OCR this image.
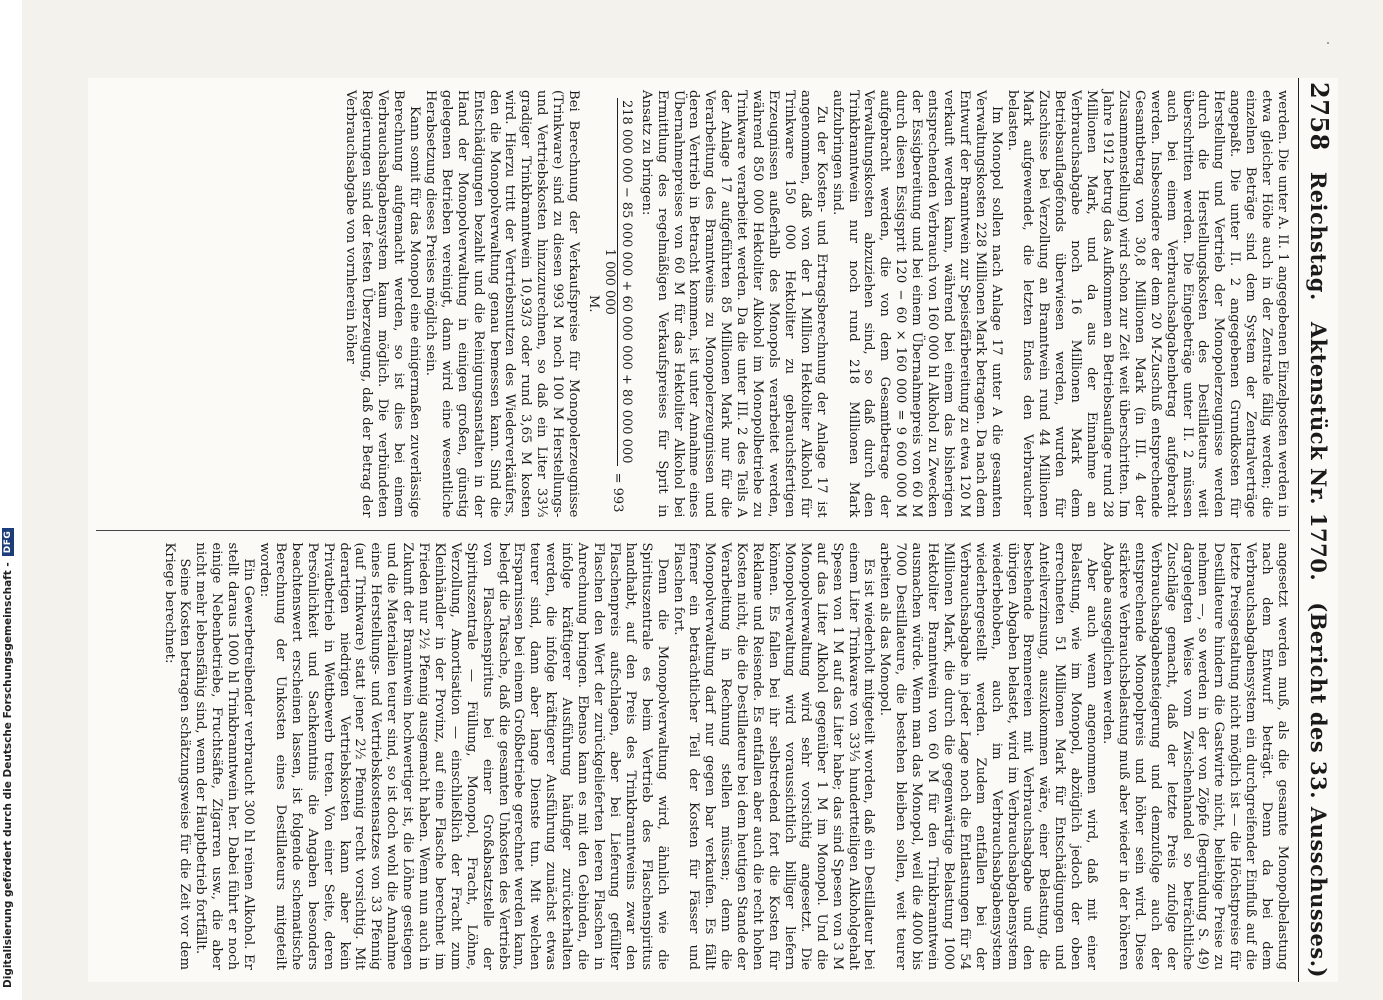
Digitalisierung gefördert durch die Deutsche Forschungsgemeinschaft -
DFG
2758
Reichstag.
Aktenstück Nr. 1770.
(Bericht des 33. Ausschusses.)

werden. Die unter A. II. 1 angegebenen Einzelposten werden in etwa gleicher Höhe auch in der Zentrale fällig werden; die einzelnen Beträge sind dem System der Zentralverträge angepaßt. Die unter II. 2 angegebenen Grundkosten für Herstellung und Vertrieb der Monopolerzeugnisse werden durch die Herstellungskosten des Destillateurs weit überschritten werden. Die Eingebeträge unter II. 2 müssen auch bei einem Verbrauchsabgabenbetrag aufgebracht werden. Insbesondere der dem 20 M-Zuschuß entsprechende Gesamtbetrag von 30,8 Millionen Mark (in III. 4 der Zusammenstellung) wird schon zur Zeit weit überschritten. Im Jahre 1912 betrug das Aufkommen an Betriebsauflage rund 28 Millionen Mark, und da aus der Einnahme an Verbrauchsabgabe noch 16 Millionen Mark dem Betriebsauflagefonds überwiesen werden, wurden für Zuschüsse bei Verzollung an Branntwein rund 44 Millionen Mark aufgewendet, die letzten Endes den Verbraucher belasten.

Im Monopol sollen nach Anlage 17 unter A die gesamten Verwaltungskosten 228 Millionen Mark betragen. Da nach dem Entwurf der Branntwein zur Speisefärbereitung zu etwa 120 M verkauft werden kann, während bei einem das bisherigen entsprechenden Verbrauch von 160 000 hl Alkohol zu Zwecken der Essigbereitung und bei einem Übernahmepreis von 60 M durch diesen Essigsprit 120 − 60 × 160 000 = 9 600 000 M aufgebracht werden, die von dem Gesamtbetrage der Verwaltungskosten abzuziehen sind, so daß durch den Trinkbranntwein nur noch rund 218 Millionen Mark aufzubringen sind.

Zu der Kosten- und Ertragsberechnung der Anlage 17 ist angenommen, daß von der 1 Million Hektoliter Alkohol für Trinkware 150 000 Hektoliter zu gebrauchsfertigen Erzeugnissen außerhalb des Monopols verarbeitet werden, während 850 000 Hektoliter Alkohol im Monopolbetriebe zu Trinkware verarbeitet werden. Da die unter III. 2 des Teils A der Anlage 17 aufgeführten 85 Millionen Mark nur für die Verarbeitung des Branntweins zu Monopolerzeugnissen und deren Vertrieb in Betracht kommen, ist unter Annahme eines Übernahmepreises von 60 M für das Hektoliter Alkohol bei Ermittlung des regelmäßigen Verkaufspreises für Sprit in Ansatz zu bringen:

218 000 000 − 85 000 000 + 60 000 000 + 80 000 000
1 000 000
= 993 M.

Bei Berechnung der Verkaufspreise für Monopolerzeugnisse (Trinkware) sind zu diesen 993 M noch 100 M Herstellungs- und Vertriebskosten hinzuzurechnen, so daß ein Liter 33⅓ gradiger Trinkbranntwein 10,93/3 oder rund 3,65 M kosten wird. Hierzu tritt der Vertriebsnutzen des Wiederverkäufers, den die Monopolverwaltung genau bemessen kann. Sind die Entschädigungen bezahlt und die Reinigungsanstalten in der Hand der Monopolverwaltung in einigen großen, günstig gelegenen Betrieben vereinigt, dann wird eine wesentliche Herabsetzung dieses Preises möglich sein.

Kann somit für das Monopol eine einigermaßen zuverlässige Berechnung aufgemacht werden, so ist dies bei einem Verbrauchsabgabensystem kaum möglich. Die verbündeten Regierungen sind der festen Überzeugung, daß der Betrag der Verbrauchsabgabe von vornherein höher

angesetzt werden muß, als die gesamte Monopolbelastung nach dem Entwurf beträgt. Denn da bei dem Verbrauchsabgabensystem ein durchgreifender Einfluß auf die letzte Preisgestaltung nicht möglich ist — die Höchstpreise für Destillateure hindern die Gastwirte nicht, beliebige Preise zu nehmen —, so werden in der von Zöpfe (Begründung S. 49) dargelegten Weise vom Zwischenhandel so beträchtliche Zuschläge gemacht, daß der letzte Preis zufolge der Verbrauchsabgabensteigerung und demzufolge auch der entsprechende Monopolpreis und höher sein wird. Diese stärkere Verbrauchsbelastung muß aber wieder in der höheren Abgabe ausgeglichen werden.

Aber auch wenn angenommen wird, daß mit einer Belastung, wie im Monopol, abzüglich jedoch der oben errechneten 51 Millionen Mark für Entschädigungen und Anteilverzinsung, auszukommen wäre, einer Belastung, die bestehende Brennereien mit Verbrauchsabgabe und den übrigen Abgaben belastet, wird im Verbrauchsabgabensystem wiederbehoben, auch im Verbrauchsabgabensystem wiederhergestellt werden. Zudem entfallen bei der Verbrauchsabgabe in jeder Lage noch die Entlastungen für 54 Millionen Mark, die durch die gegenwärtige Belastung 1000 Hektoliter Branntwein von 60 M für den Trinkbranntwein ausmachen würde. Wenn man das Monopol, weil die 4000 bis 7000 Destillateure, die bestehen bleiben sollen, weit teurer arbeiten als das Monopol.

Es ist wiederholt mitgeteilt worden, daß ein Destillateur bei einem Liter Trinkware von 33⅓ hundertteiligen Alkoholgehalt Spesen von 1 M auf das Liter habe; das sind Spesen von 3 M auf das Liter Alkohol gegenüber 1 M im Monopol. Und die Monopolverwaltung wird sehr vorsichtig angesetzt. Die Monopolverwaltung wird voraussichtlich billiger liefern können. Es fallen bei ihr selbstredend fort die Kosten für Reklame und Reisende. Es entfallen aber auch die recht hohen Kosten nicht, die die Destillateure bei dem heutigen Stande der Verarbeitung in Rechnung stellen müssen; denn die Monopolverwaltung darf nur gegen bar verkaufen. Es fällt ferner ein beträchtlicher Teil der Kosten für Fässer und Flaschen fort.

Denn die Monopolverwaltung wird, ähnlich wie die Spirituszentrale es beim Vertrieb des Flaschenspiritus handhabt, auf den Preis des Trinkbranntweins zwar den Flaschenpreis aufschlagen, aber bei Lieferung gefüllter Flaschen den Wert der zurückgelieferten leeren Flaschen in Anrechnung bringen. Ebenso kann es mit den Gebinden, die infolge kräftigerer Ausführung häufiger zurückerhalten werden, die infolge kräftigerer Ausführung zunächst etwas teurer sind, dann aber lange Dienste tun. Mit welchen Ersparnissen bei einem Großbetriebe gerechnet werden kann, belegt die Tatsache, daß die gesamten Unkosten des Vertriebs von Flaschenspiritus bei einer Großabsatzstelle der Spirituszentrale — Füllung, Monopol, Fracht, Löhne, Verzollung, Amortisation — einschließlich der Fracht zum Kleinhändler in der Provinz, auf eine Flasche berechnet im Frieden nur 2½ Pfennig ausgemacht haben. Wenn nun auch in Zukunft der Branntwein hochwertiger ist, die Löhne gestiegen und die Materialien teurer sind, so ist doch wohl die Annahme eines Herstellungs- und Vertriebskostensatzes von 33 Pfennig (auf Trinkware) statt jener 2½ Pfennig recht vorsichtig. Mit derartigen niedrigen Vertriebskosten kann aber kein Privatbetrieb in Wettbewerb treten. Von einer Seite, deren Persönlichkeit und Sachkenntnis die Angaben besonders beachtenswert erscheinen lassen, ist folgende schematische Berechnung der Unkosten eines Destillateurs mitgeteilt worden:

Ein Gewerbetreibender verbraucht 300 hl reinen Alkohol. Er stellt daraus 1000 hl Trinkbranntwein her. Dabei führt er noch einige Nebenbetriebe, Fruchtsäfte, Zigarren usw., die aber nicht mehr lebensfähig sind, wenn der Hauptbetrieb fortfällt.

Seine Kosten betragen schätzungsweise für die Zeit vor dem Kriege berechnet:
